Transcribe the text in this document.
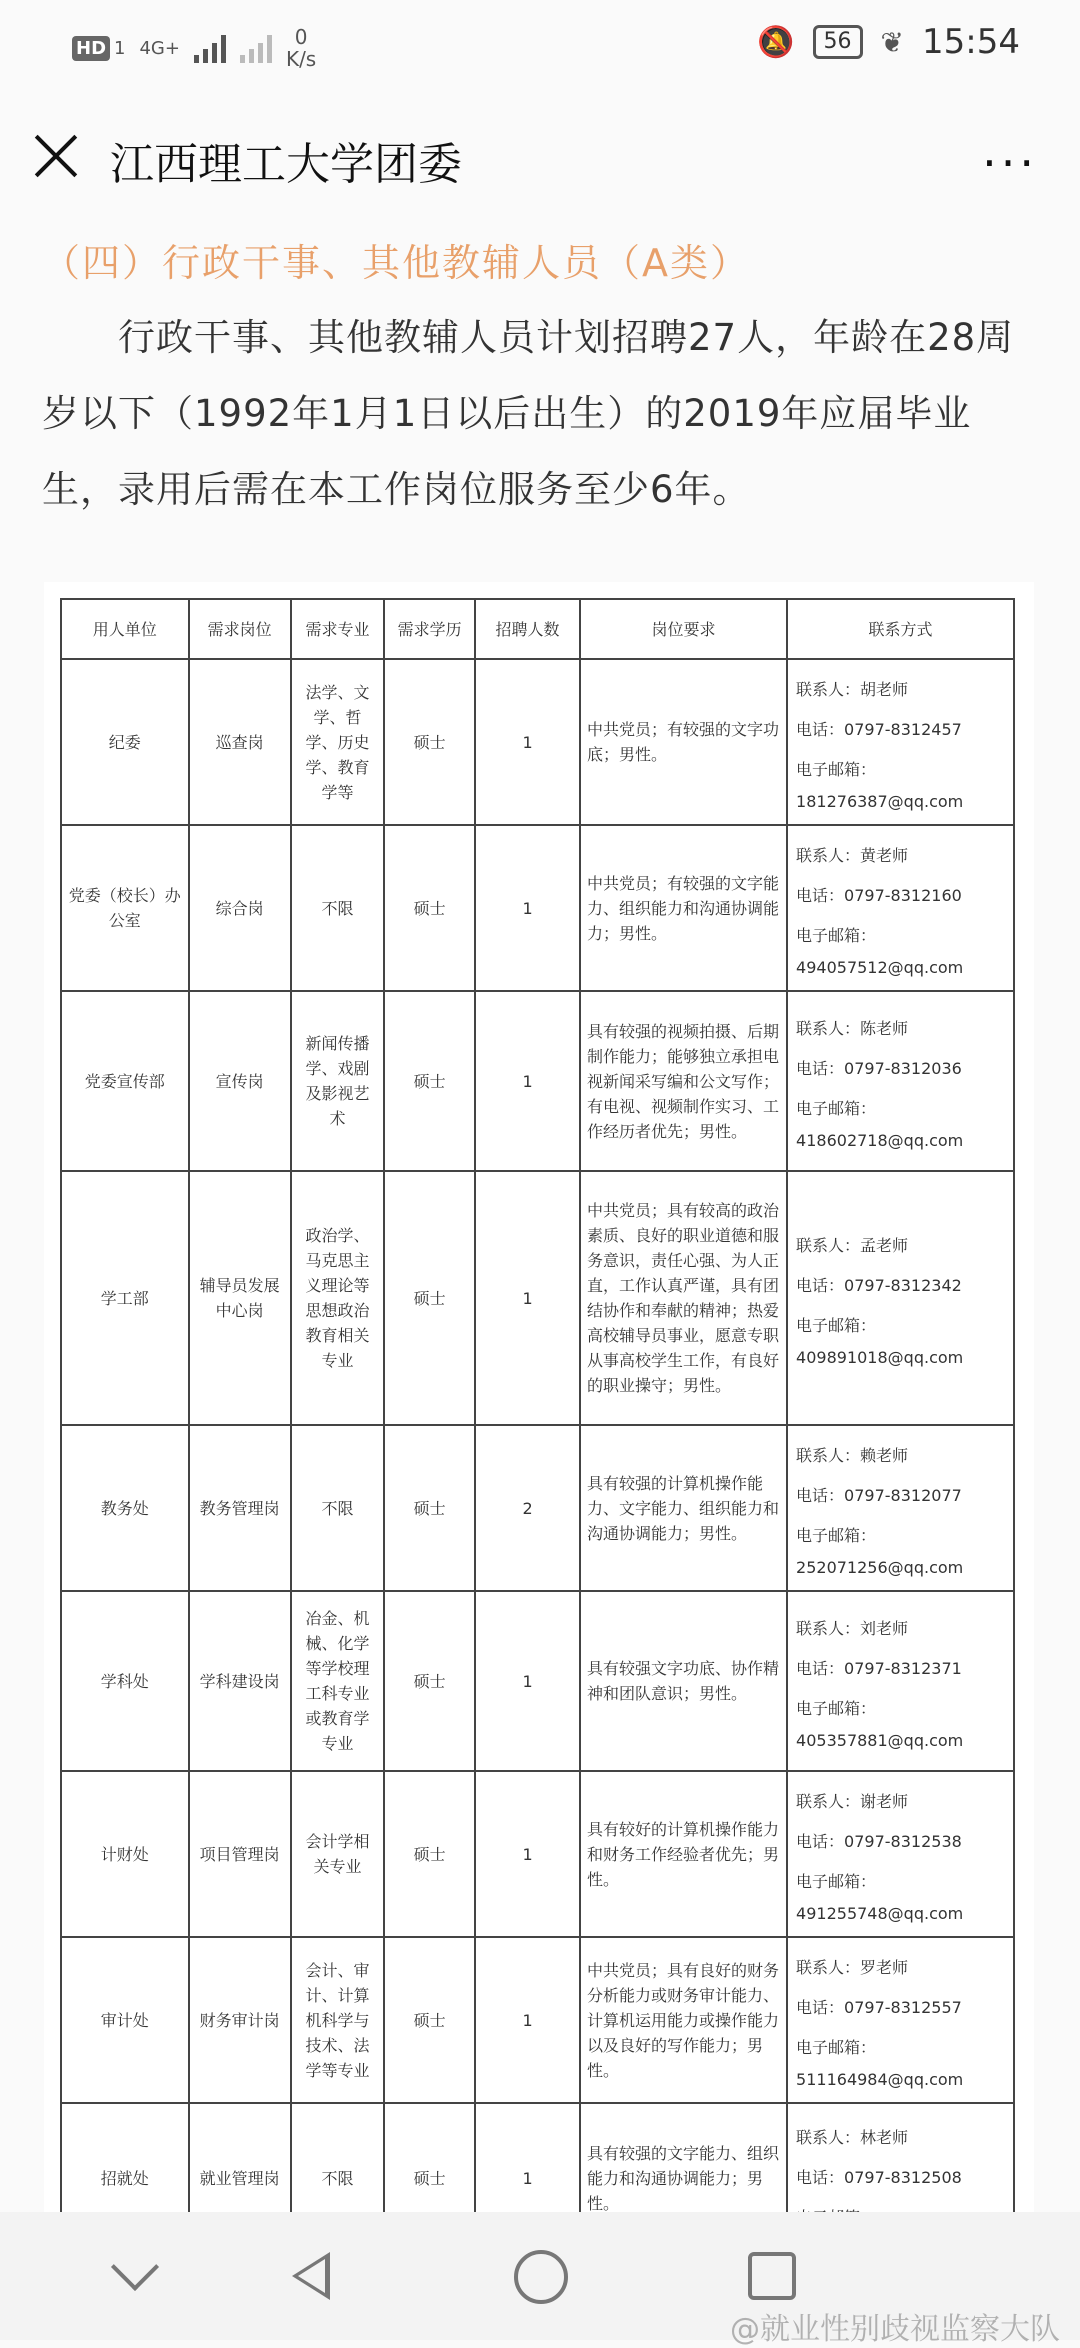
HD 1 4G+	0
K/s	🔕	56	❦ 15:54
江西理工大学团委	···
（四）行政干事、其他教辅人员（A类）
行政干事、其他教辅人员计划招聘27人，年龄在28周岁以下（1992年1月1日以后出生）的2019年应届毕业生，录用后需在本工作岗位服务至少6年。
用人单位	需求岗位	需求专业	需求学历	招聘人数	岗位要求	联系方式
纪委	巡查岗	法学、文学、哲学、历史学、教育学等	硕士	1	中共党员；有较强的文字功底；男性。	联系人：胡老师
电话：0797-8312457
电子邮箱：
181276387@qq.com

党委（校长）办公室	综合岗	不限	硕士	1	中共党员；有较强的文字能力、组织能力和沟通协调能力；男性。	联系人：黄老师
电话：0797-8312160
电子邮箱：
494057512@qq.com

党委宣传部	宣传岗	新闻传播学、戏剧及影视艺术	硕士	1	具有较强的视频拍摄、后期制作能力；能够独立承担电视新闻采写编和公文写作；有电视、视频制作实习、工作经历者优先；男性。	联系人：陈老师
电话：0797-8312036
电子邮箱：
418602718@qq.com

学工部	辅导员发展中心岗	政治学、马克思主义理论等思想政治教育相关专业	硕士	1	中共党员；具有较高的政治素质、良好的职业道德和服务意识，责任心强、为人正直，工作认真严谨，具有团结协作和奉献的精神；热爱高校辅导员事业，愿意专职从事高校学生工作，有良好的职业操守；男性。	联系人：孟老师
电话：0797-8312342
电子邮箱：
409891018@qq.com

教务处	教务管理岗	不限	硕士	2	具有较强的计算机操作能力、文字能力、组织能力和沟通协调能力；男性。	联系人：赖老师
电话：0797-8312077
电子邮箱：
252071256@qq.com

学科处	学科建设岗	冶金、机械、化学等学校理工科专业或教育学专业	硕士	1	具有较强文字功底、协作精神和团队意识；男性。	联系人：刘老师
电话：0797-8312371
电子邮箱：
405357881@qq.com

计财处	项目管理岗	会计学相关专业	硕士	1	具有较好的计算机操作能力和财务工作经验者优先；男性。	联系人：谢老师
电话：0797-8312538
电子邮箱：
491255748@qq.com

审计处	财务审计岗	会计、审计、计算机科学与技术、法学等专业	硕士	1	中共党员；具有良好的财务分析能力或财务审计能力、计算机运用能力或操作能力以及良好的写作能力；男性。	联系人：罗老师
电话：0797-8312557
电子邮箱：
511164984@qq.com

招就处	就业管理岗	不限	硕士	1	具有较强的文字能力、组织能力和沟通协调能力；男性。	联系人：林老师
电话：0797-8312508
@就业性别歧视监察大队
